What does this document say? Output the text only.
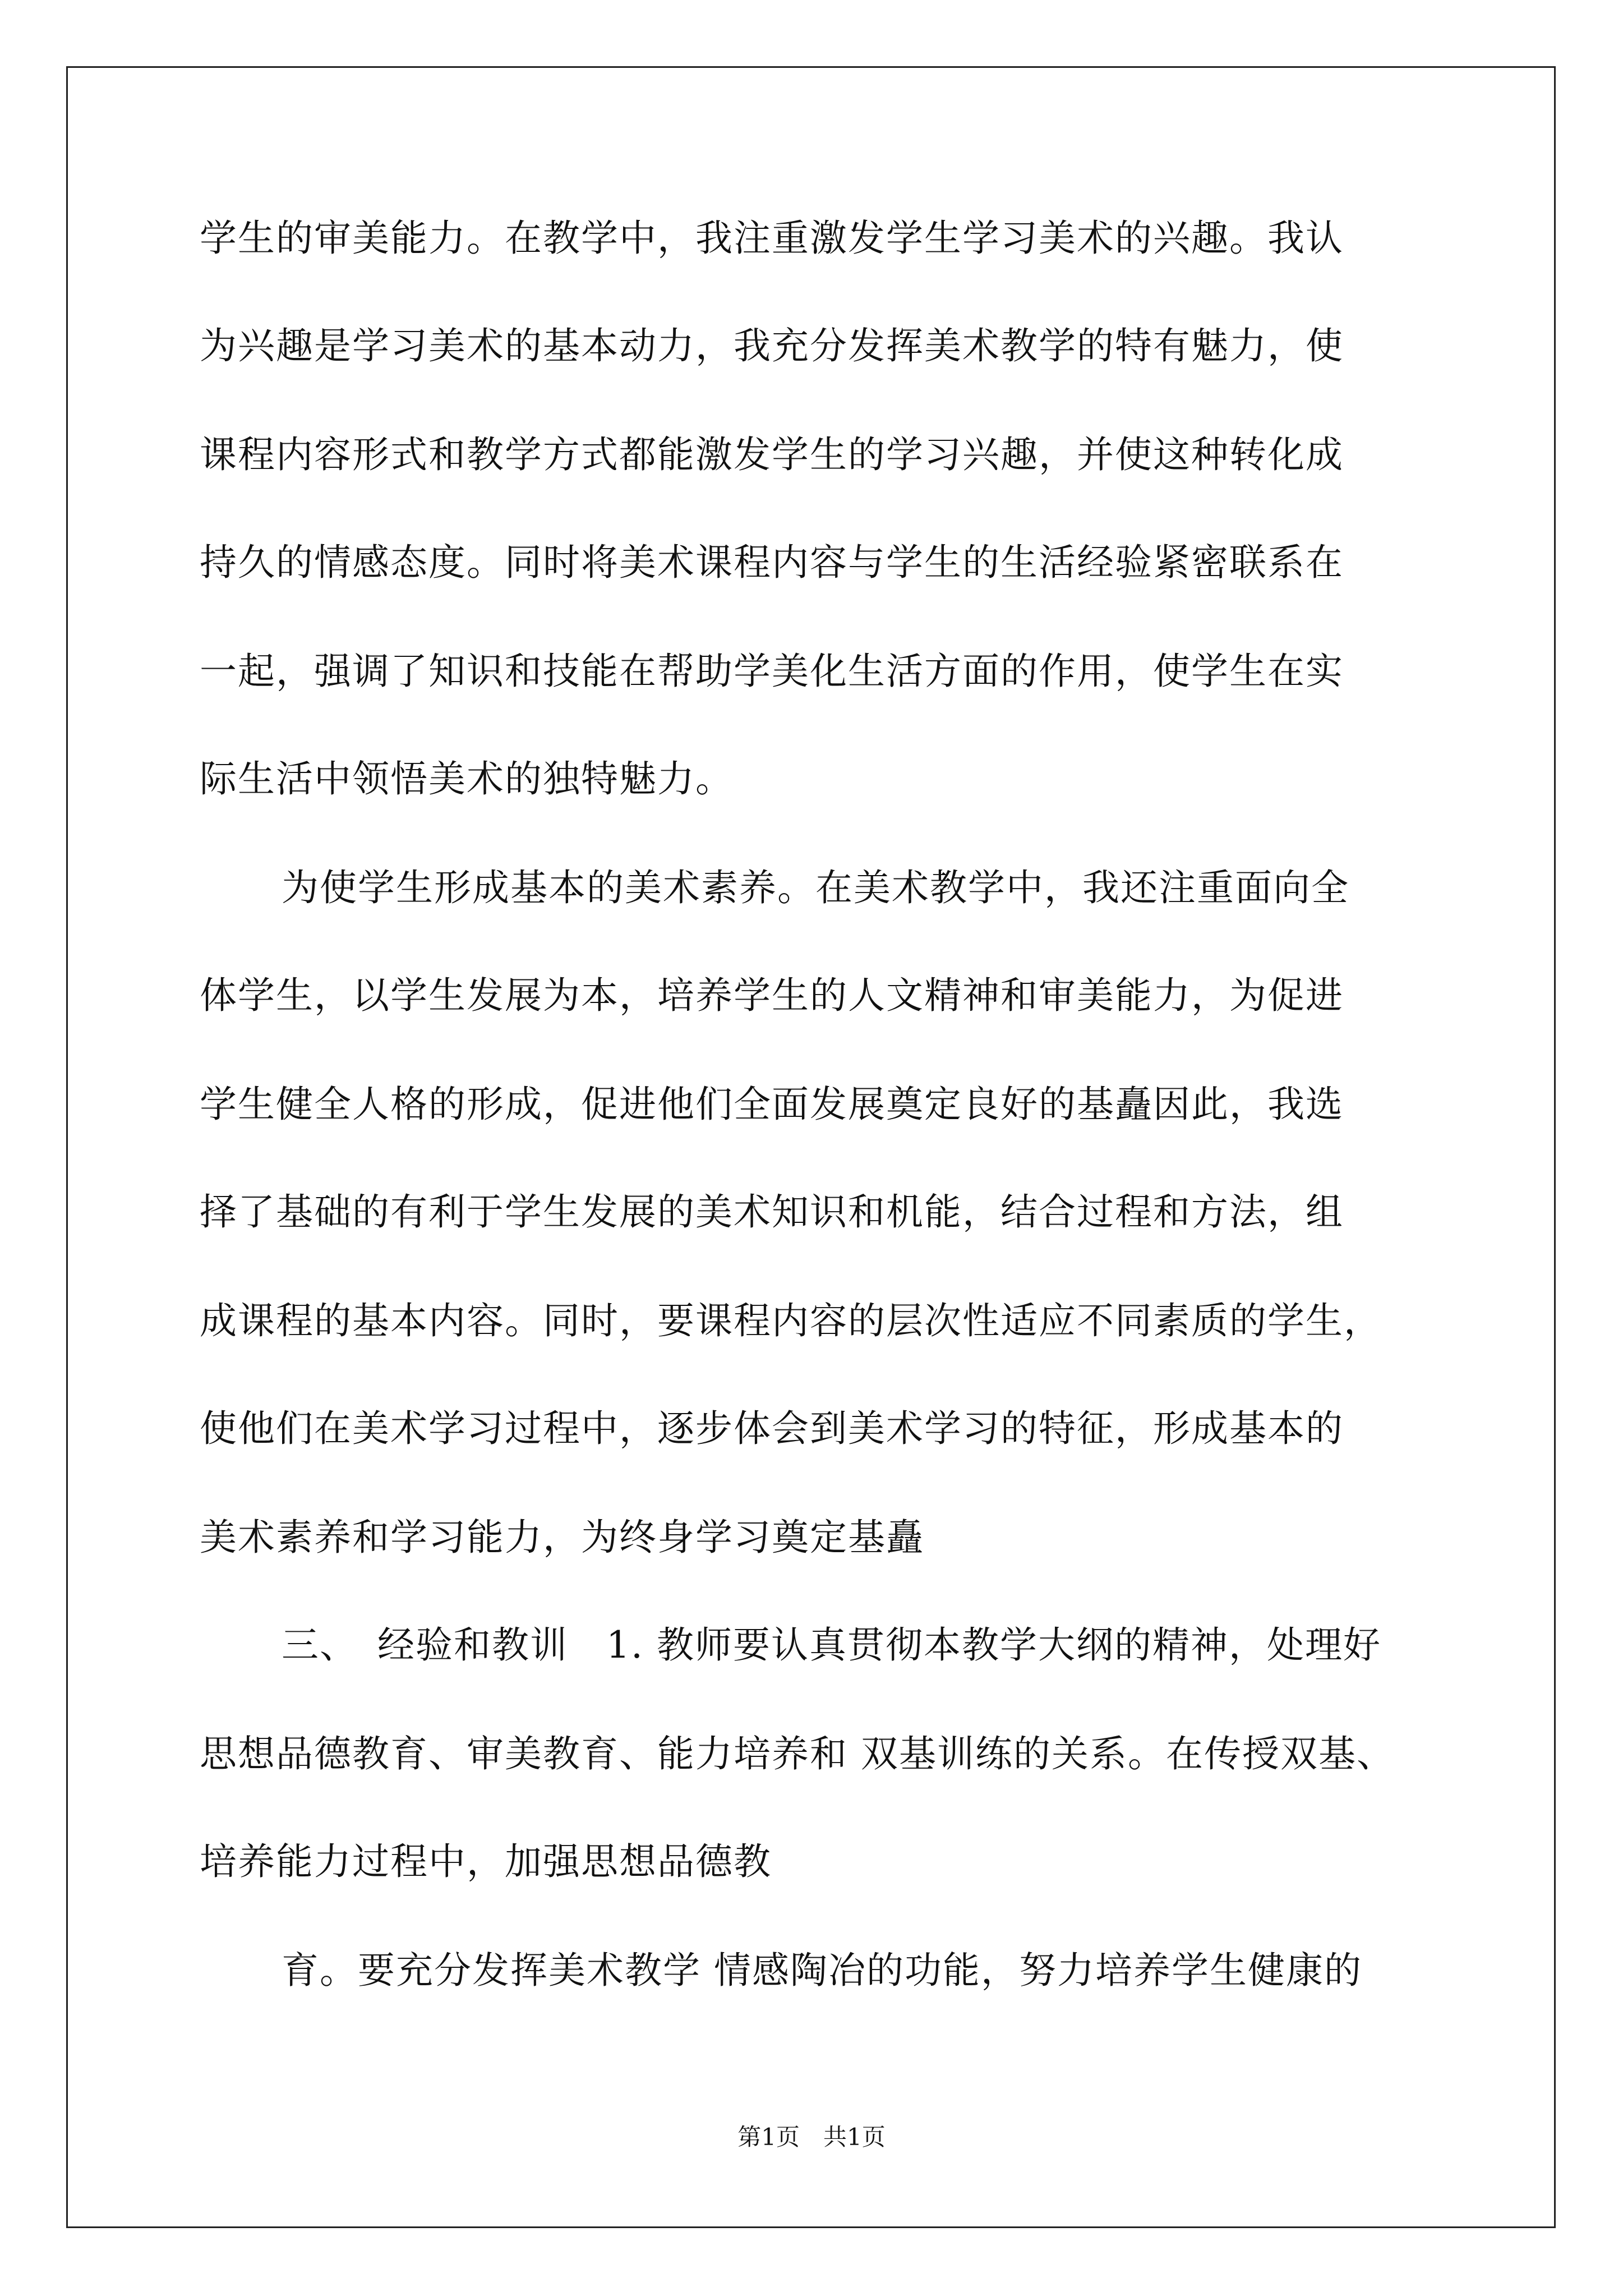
学生的审美能力。在教学中，我注重激发学生学习美术的兴趣。我认
为兴趣是学习美术的基本动力，我充分发挥美术教学的特有魅力，使
课程内容形式和教学方式都能激发学生的学习兴趣，并使这种转化成
持久的情感态度。同时将美术课程内容与学生的生活经验紧密联系在
一起，强调了知识和技能在帮助学美化生活方面的作用，使学生在实
际生活中领悟美术的独特魅力。
为使学生形成基本的美术素养。在美术教学中，我还注重面向全
体学生，以学生发展为本，培养学生的人文精神和审美能力，为促进
学生健全人格的形成，促进他们全面发展奠定良好的基矗因此，我选
择了基础的有利于学生发展的美术知识和机能，结合过程和方法，组
成课程的基本内容。同时，要课程内容的层次性适应不同素质的学生，
使他们在美术学习过程中，逐步体会到美术学习的特征，形成基本的
美术素养和学习能力，为终身学习奠定基矗
三、　经验和教训　1. 教师要认真贯彻本教学大纲的精神，处理好
思想品德教育、审美教育、能力培养和 双基训练的关系。在传授双基、
培养能力过程中，加强思想品德教
育。要充分发挥美术教学 情感陶冶的功能，努力培养学生健康的
第1页　共1页
